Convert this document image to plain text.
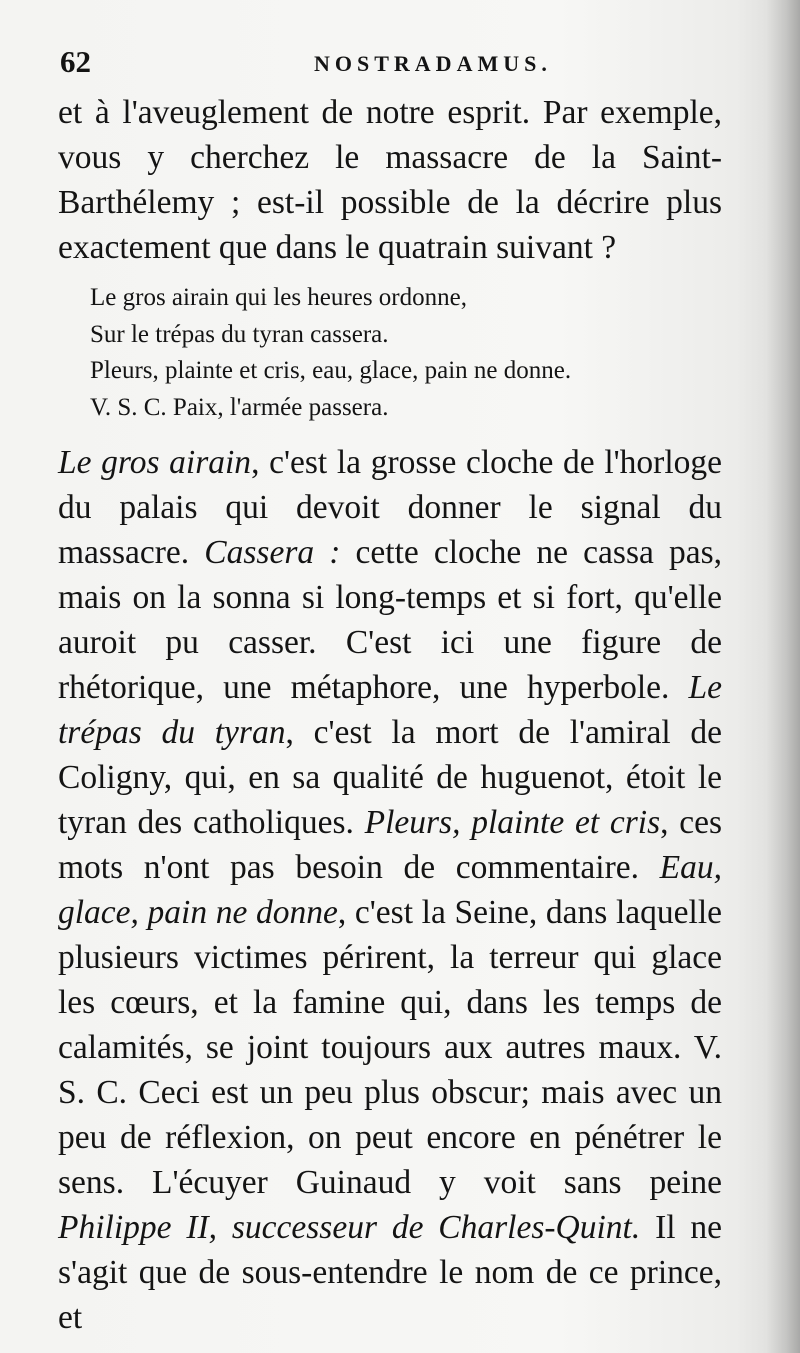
62	NOSTRADAMUS.

et à l'aveuglement de notre esprit. Par exemple, vous y cherchez le massacre de la Saint-Barthélemy ; est-il possible de la décrire plus exactement que dans le quatrain suivant ?

Le gros airain qui les heures ordonne,
Sur le trépas du tyran cassera.
Pleurs, plainte et cris, eau, glace, pain ne donne.
V. S. C. Paix, l'armée passera.

Le gros airain, c'est la grosse cloche de l'horloge du palais qui devoit donner le signal du massacre. Cassera : cette cloche ne cassa pas, mais on la sonna si long-temps et si fort, qu'elle auroit pu casser. C'est ici une figure de rhétorique, une métaphore, une hyperbole. Le trépas du tyran, c'est la mort de l'amiral de Coligny, qui, en sa qualité de huguenot, étoit le tyran des catholiques. Pleurs, plainte et cris, ces mots n'ont pas besoin de commentaire. Eau, glace, pain ne donne, c'est la Seine, dans laquelle plusieurs victimes périrent, la terreur qui glace les cœurs, et la famine qui, dans les temps de calamités, se joint toujours aux autres maux. V. S. C. Ceci est un peu plus obscur; mais avec un peu de réflexion, on peut encore en pénétrer le sens. L'écuyer Guinaud y voit sans peine Philippe II, successeur de Charles-Quint. Il ne s'agit que de sous-entendre le nom de ce prince, et
